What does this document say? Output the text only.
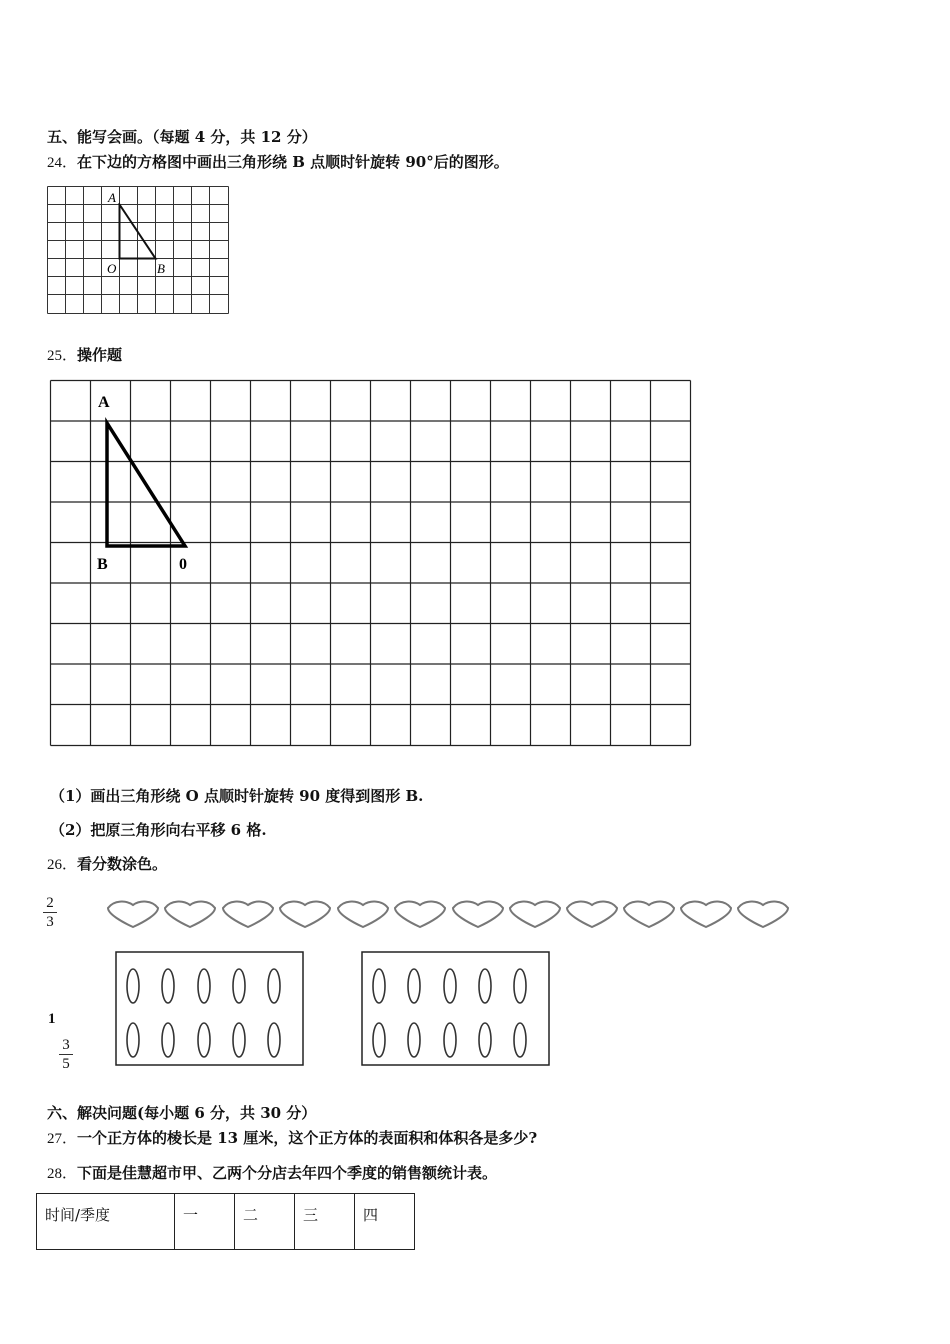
五、能写会画。（每题 4 分，共 12 分）
24．在下边的方格图中画出三角形绕 B 点顺时针旋转 90°后的图形。
A
O	B
25．操作题
A
B	0
（1）画出三角形绕 O 点顺时针旋转 90 度得到图形 B.
（2）把原三角形向右平移 6 格.
26．看分数涂色。
2
3
1
3
5
六、解决问题(每小题 6 分，共 30 分）
27．一个正方体的棱长是 13 厘米，这个正方体的表面积和体积各是多少?
28．下面是佳慧超市甲、乙两个分店去年四个季度的销售额统计表。
时间/季度	一	二	三	四
